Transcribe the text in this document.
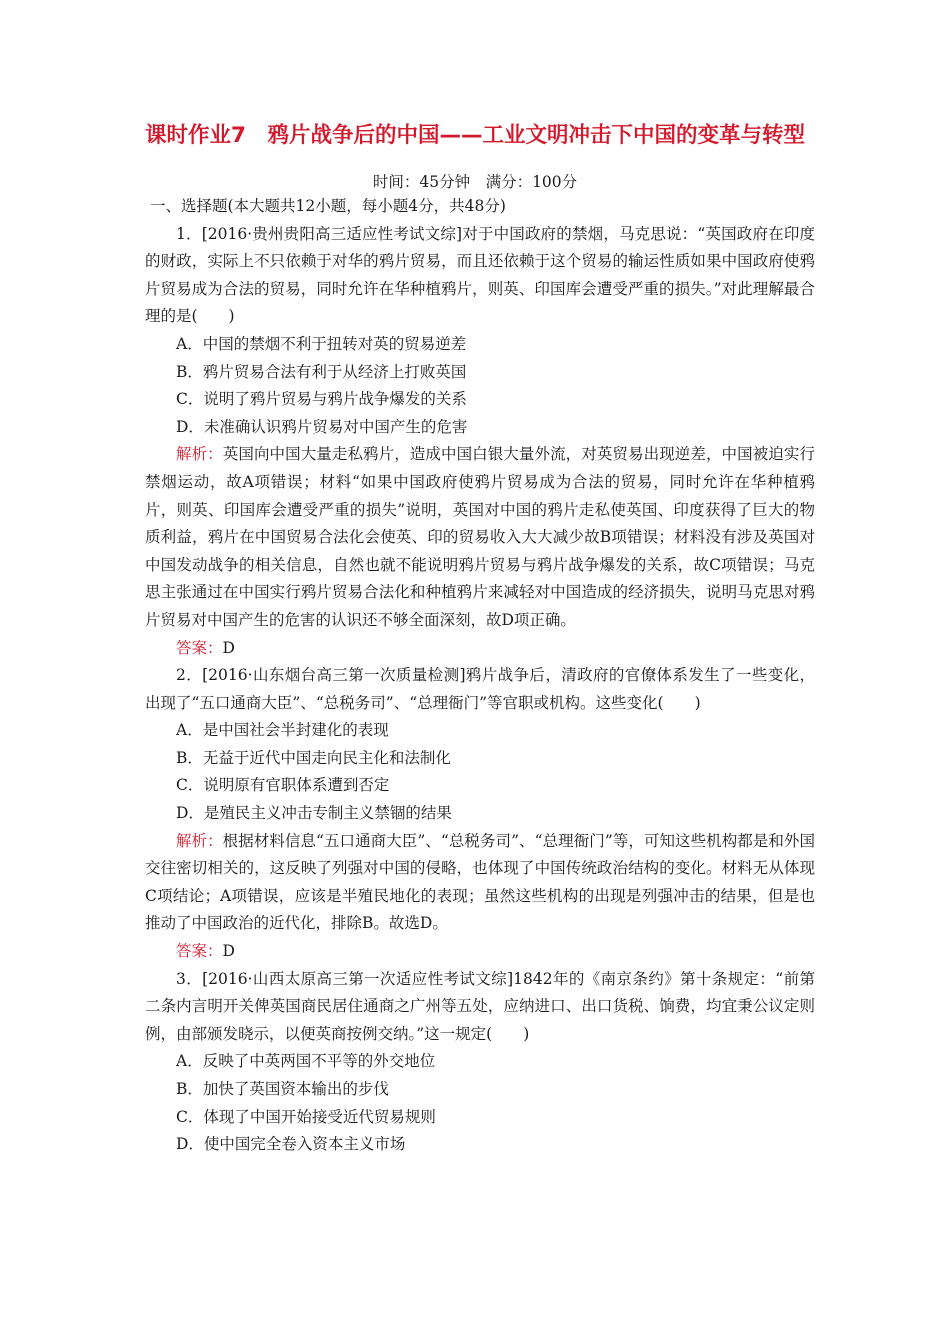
课时作业7　鸦片战争后的中国——工业文明冲击下中国的变革与转型
时间：45分钟　满分：100分

一、选择题(本大题共12小题，每小题4分，共48分)

1．[2016·贵州贵阳高三适应性考试文综]对于中国政府的禁烟，马克思说：“英国政府在印度的财政，实际上不只依赖于对华的鸦片贸易，而且还依赖于这个贸易的输运性质如果中国政府使鸦片贸易成为合法的贸易，同时允许在华种植鸦片，则英、印国库会遭受严重的损失。”对此理解最合理的是(　　)

A．中国的禁烟不利于扭转对英的贸易逆差

B．鸦片贸易合法有利于从经济上打败英国

C．说明了鸦片贸易与鸦片战争爆发的关系

D．未准确认识鸦片贸易对中国产生的危害

解析：英国向中国大量走私鸦片，造成中国白银大量外流，对英贸易出现逆差，中国被迫实行禁烟运动，故A项错误；材料“如果中国政府使鸦片贸易成为合法的贸易，同时允许在华种植鸦片，则英、印国库会遭受严重的损失”说明，英国对中国的鸦片走私使英国、印度获得了巨大的物质利益，鸦片在中国贸易合法化会使英、印的贸易收入大大减少故B项错误；材料没有涉及英国对中国发动战争的相关信息，自然也就不能说明鸦片贸易与鸦片战争爆发的关系，故C项错误；马克思主张通过在中国实行鸦片贸易合法化和种植鸦片来减轻对中国造成的经济损失，说明马克思对鸦片贸易对中国产生的危害的认识还不够全面深刻，故D项正确。

答案：D

2．[2016·山东烟台高三第一次质量检测]鸦片战争后，清政府的官僚体系发生了一些变化，出现了“五口通商大臣”、“总税务司”、“总理衙门”等官职或机构。这些变化(　　)

A．是中国社会半封建化的表现

B．无益于近代中国走向民主化和法制化

C．说明原有官职体系遭到否定

D．是殖民主义冲击专制主义禁锢的结果

解析：根据材料信息“五口通商大臣”、“总税务司”、“总理衙门”等，可知这些机构都是和外国交往密切相关的，这反映了列强对中国的侵略，也体现了中国传统政治结构的变化。材料无从体现C项结论；A项错误，应该是半殖民地化的表现；虽然这些机构的出现是列强冲击的结果，但是也推动了中国政治的近代化，排除B。故选D。

答案：D

3．[2016·山西太原高三第一次适应性考试文综]1842年的《南京条约》第十条规定：“前第二条内言明开关俾英国商民居住通商之广州等五处，应纳进口、出口货税、饷费，均宜秉公议定则例，由部颁发晓示，以便英商按例交纳。”这一规定(　　)

A．反映了中英两国不平等的外交地位

B．加快了英国资本输出的步伐

C．体现了中国开始接受近代贸易规则

D．使中国完全卷入资本主义市场
